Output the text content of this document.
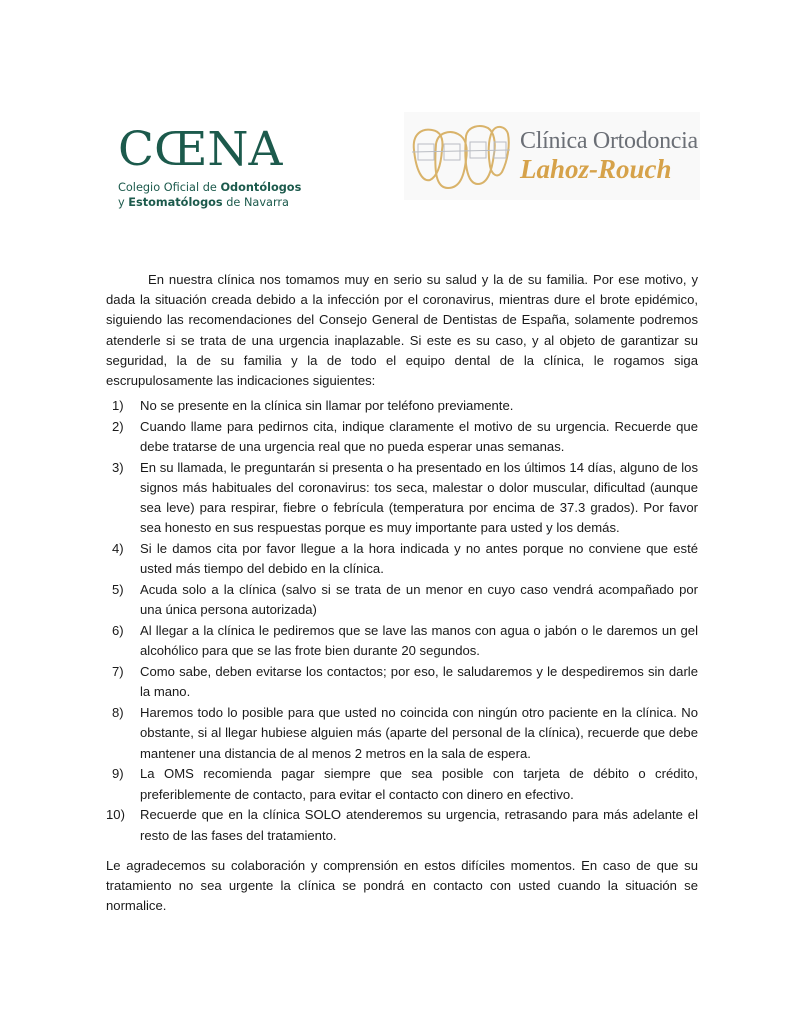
CŒNA
Colegio Oficial de Odontólogos
y Estomatólogos de Navarra
Clínica Ortodoncia
Lahoz-Rouch

En nuestra clínica nos tomamos muy en serio su salud y la de su familia. Por ese motivo, y dada la situación creada debido a la infección por el coronavirus, mientras dure el brote epidémico, siguiendo las recomendaciones del Consejo General de Dentistas de España, solamente podremos atenderle si se trata de una urgencia inaplazable. Si este es su caso, y al objeto de garantizar su seguridad, la de su familia y la de todo el equipo dental de la clínica, le rogamos siga escrupulosamente las indicaciones siguientes:

1) No se presente en la clínica sin llamar por teléfono previamente.
2) Cuando llame para pedirnos cita, indique claramente el motivo de su urgencia. Recuerde que debe tratarse de una urgencia real que no pueda esperar unas semanas.
3) En su llamada, le preguntarán si presenta o ha presentado en los últimos 14 días, alguno de los signos más habituales del coronavirus: tos seca, malestar o dolor muscular, dificultad (aunque sea leve) para respirar, fiebre o febrícula (temperatura por encima de 37.3 grados). Por favor sea honesto en sus respuestas porque es muy importante para usted y los demás.
4) Si le damos cita por favor llegue a la hora indicada y no antes porque no conviene que esté usted más tiempo del debido en la clínica.
5) Acuda solo a la clínica (salvo si se trata de un menor en cuyo caso vendrá acompañado por una única persona autorizada)
6) Al llegar a la clínica le pediremos que se lave las manos con agua o jabón o le daremos un gel alcohólico para que se las frote bien durante 20 segundos.
7) Como sabe, deben evitarse los contactos; por eso, le saludaremos y le despediremos sin darle la mano.
8) Haremos todo lo posible para que usted no coincida con ningún otro paciente en la clínica. No obstante, si al llegar hubiese alguien más (aparte del personal de la clínica), recuerde que debe mantener una distancia de al menos 2 metros en la sala de espera.
9) La OMS recomienda pagar siempre que sea posible con tarjeta de débito o crédito, preferiblemente de contacto, para evitar el contacto con dinero en efectivo.
10) Recuerde que en la clínica SOLO atenderemos su urgencia, retrasando para más adelante el resto de las fases del tratamiento.

Le agradecemos su colaboración y comprensión en estos difíciles momentos. En caso de que su tratamiento no sea urgente la clínica se pondrá en contacto con usted cuando la situación se normalice.
